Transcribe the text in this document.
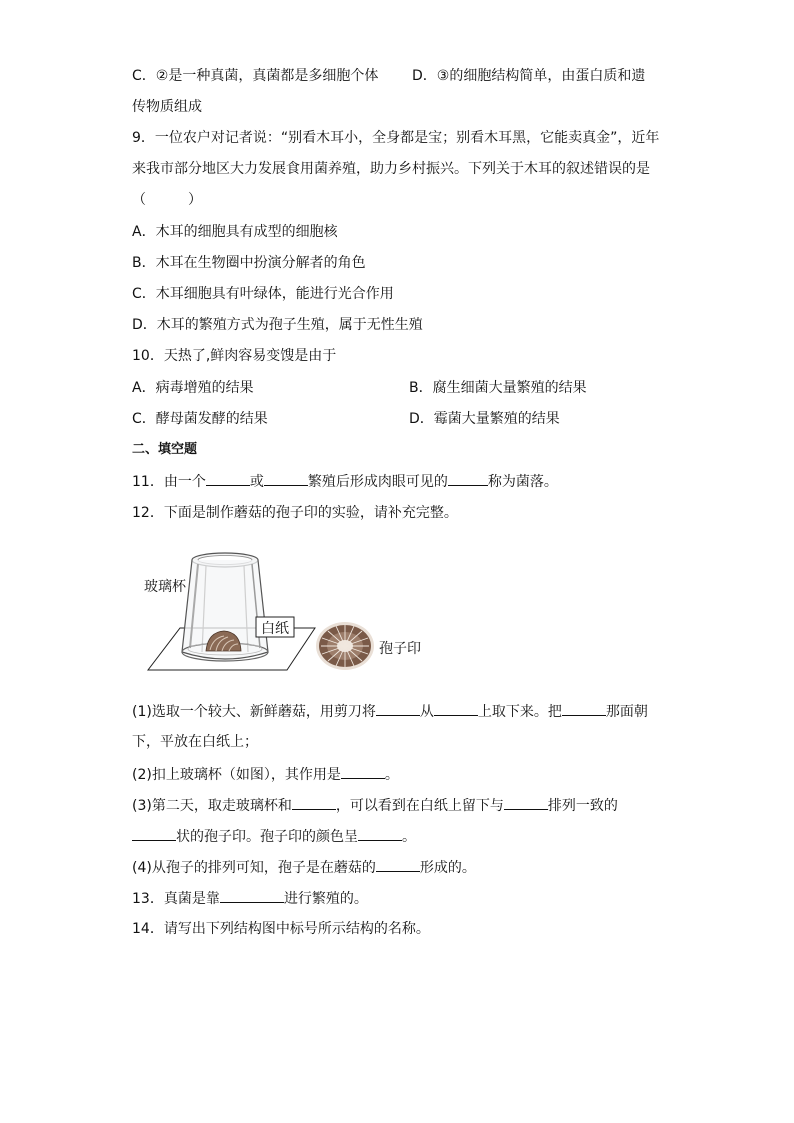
C．②是一种真菌，真菌都是多细胞个体 D．③的细胞结构简单，由蛋白质和遗
传物质组成
9．一位农户对记者说：“别看木耳小，全身都是宝；别看木耳黑，它能卖真金”，近年
来我市部分地区大力发展食用菌养殖，助力乡村振兴。下列关于木耳的叙述错误的是
（　　　）
A．木耳的细胞具有成型的细胞核
B．木耳在生物圈中扮演分解者的角色
C．木耳细胞具有叶绿体，能进行光合作用
D．木耳的繁殖方式为孢子生殖，属于无性生殖
10．天热了,鲜肉容易变馊是由于
A．病毒增殖的结果	B．腐生细菌大量繁殖的结果
C．酵母菌发酵的结果	D．霉菌大量繁殖的结果
二、填空题
11．由一个	或	繁殖后形成肉眼可见的	称为菌落。
12．下面是制作蘑菇的孢子印的实验，请补充完整。
玻璃杯
白纸
孢子印
(1)选取一个较大、新鲜蘑菇，用剪刀将	从	上取下来。把	那面朝
下，平放在白纸上；
(2)扣上玻璃杯（如图），其作用是	。
(3)第二天，取走玻璃杯和	，可以看到在白纸上留下与	排列一致的
状的孢子印。孢子印的颜色呈	。
(4)从孢子的排列可知，孢子是在蘑菇的	形成的。
13．真菌是靠	进行繁殖的。
14．请写出下列结构图中标号所示结构的名称。
